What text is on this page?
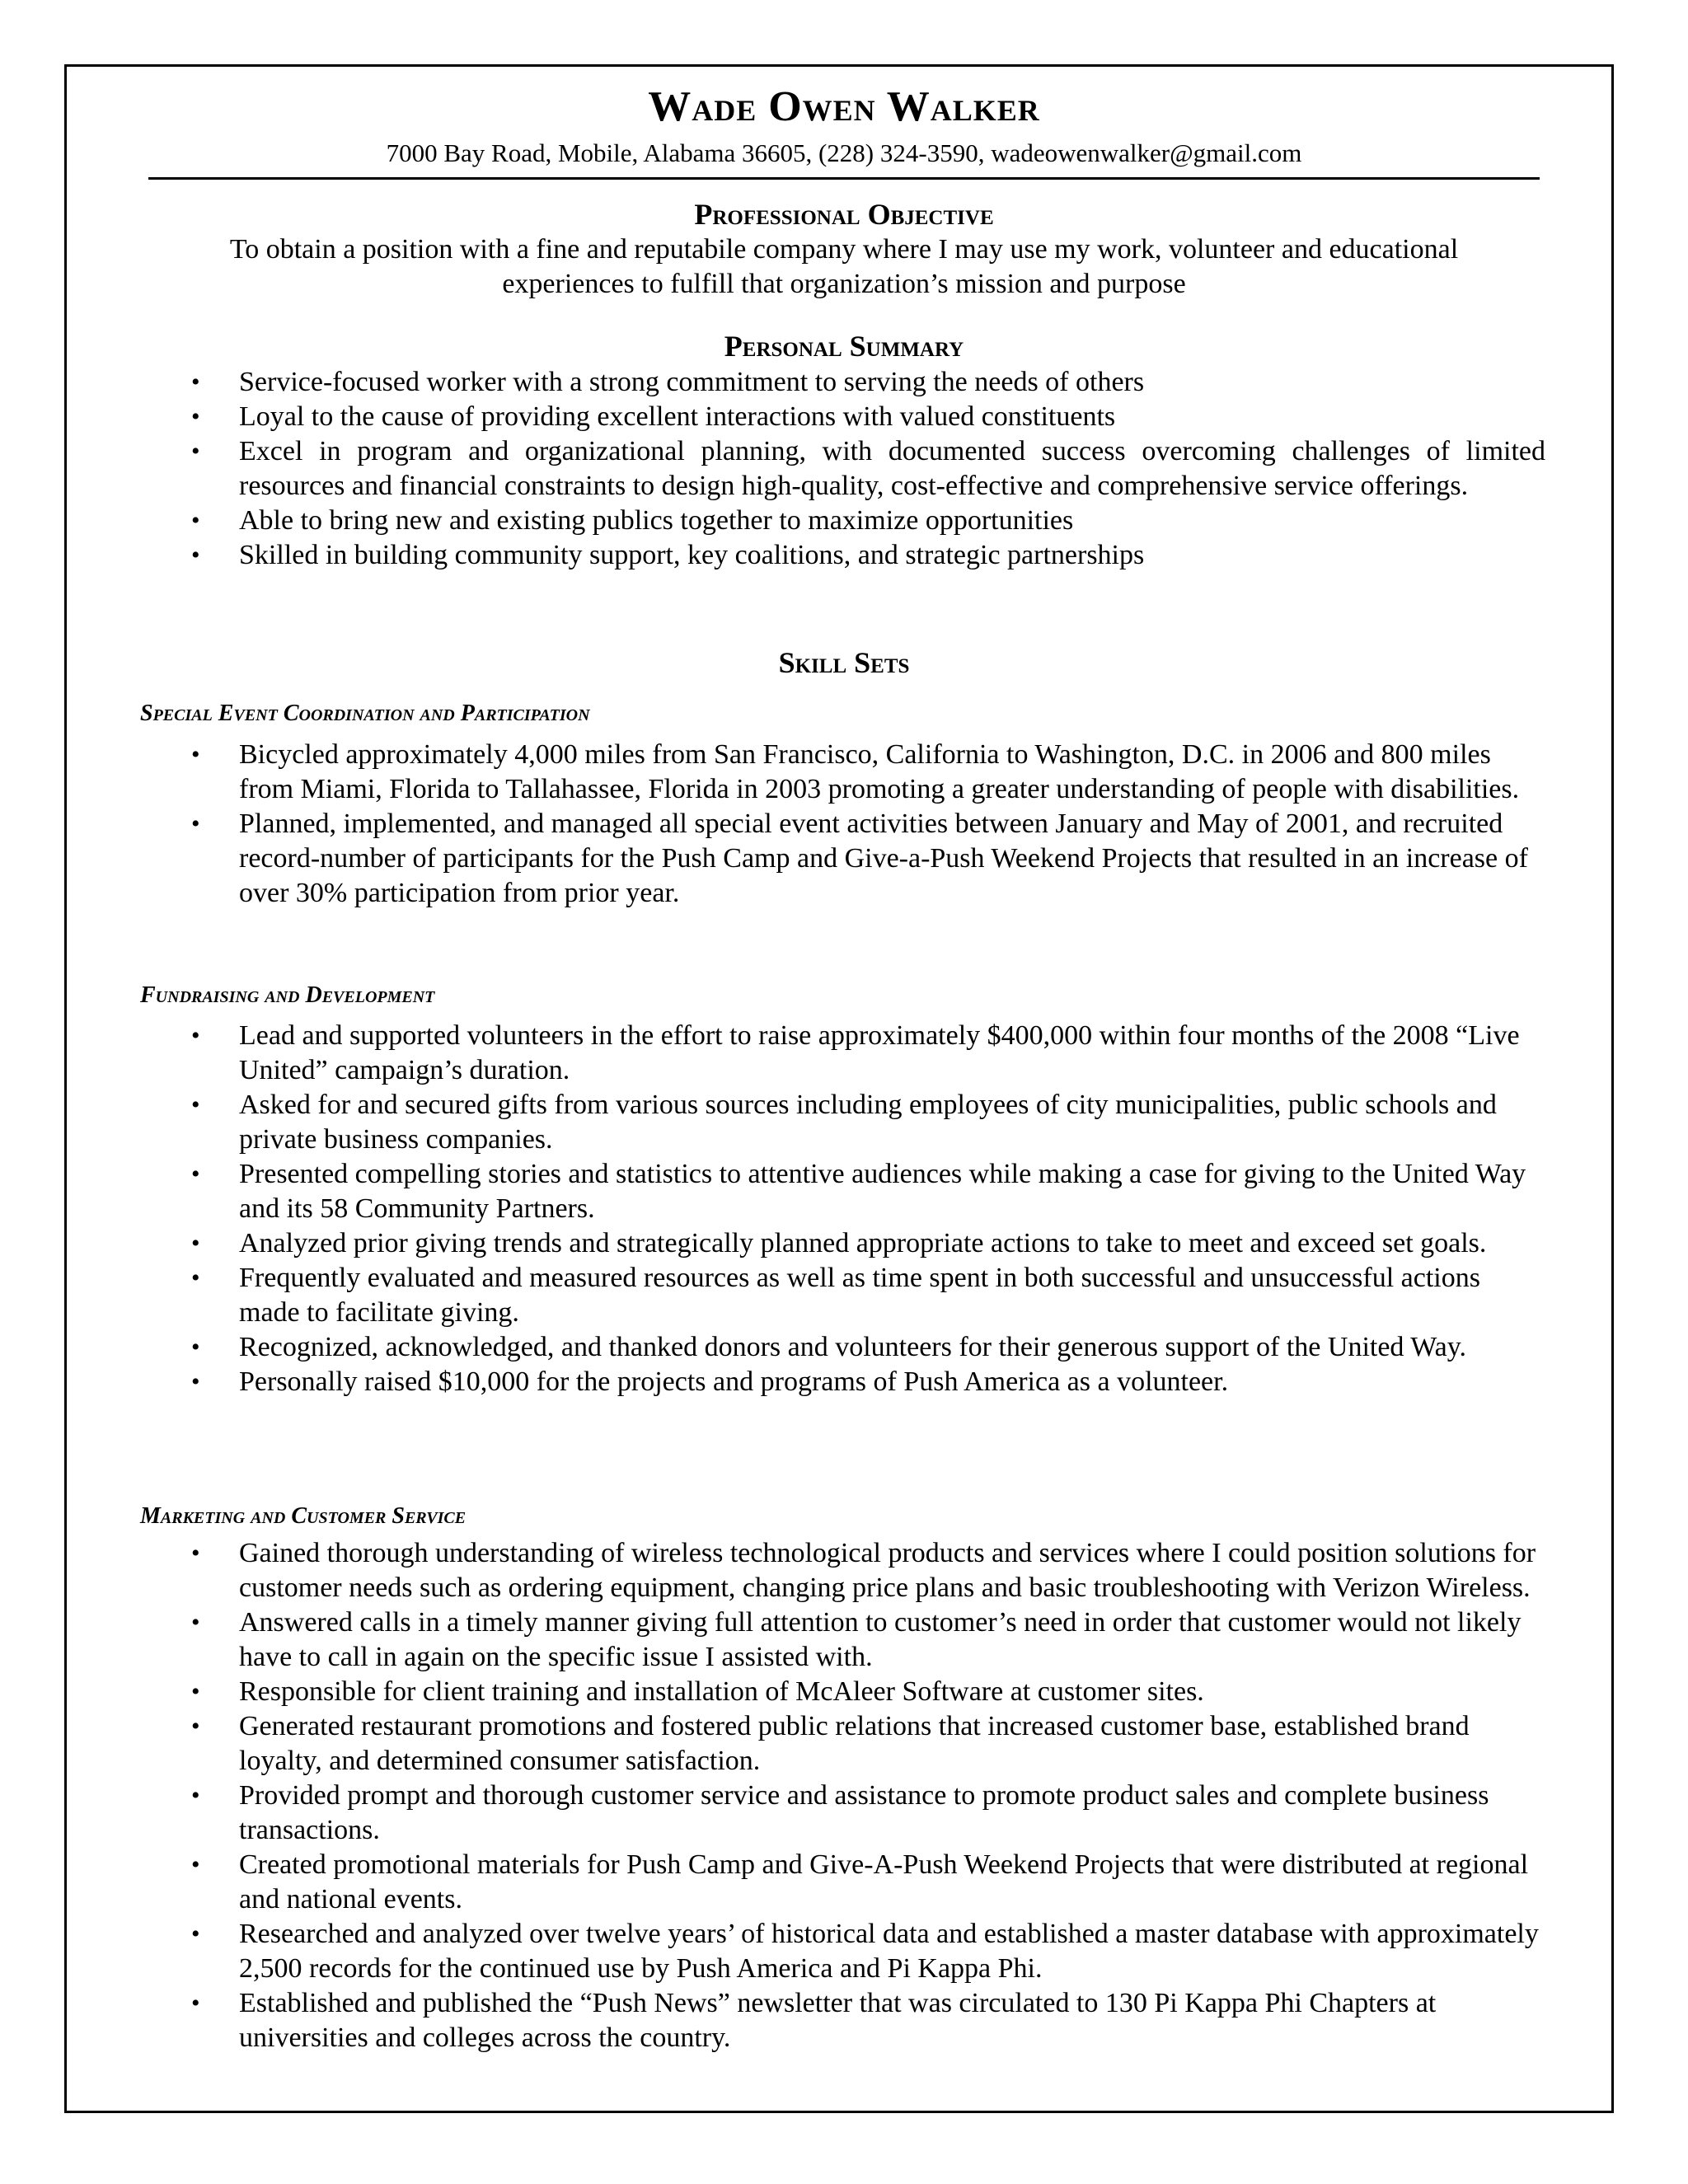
Wade Owen Walker
7000 Bay Road, Mobile, Alabama 36605, (228) 324-3590, wadeowenwalker@gmail.com
Professional Objective
To obtain a position with a fine and reputabile company where I may use my work, volunteer and educational
experiences to fulfill that organization’s mission and purpose
Personal Summary
• Service-focused worker with a strong commitment to serving the needs of others
• Loyal to the cause of providing excellent interactions with valued constituents
• Excel in program and organizational planning, with documented success overcoming challenges of limited resources and financial constraints to design high-quality, cost-effective and comprehensive service offerings.
• Able to bring new and existing publics together to maximize opportunities
• Skilled in building community support, key coalitions, and strategic partnerships
Skill Sets
Special Event Coordination and Participation
• Bicycled approximately 4,000 miles from San Francisco, California to Washington, D.C. in 2006 and 800 miles from Miami, Florida to Tallahassee, Florida in 2003 promoting a greater understanding of people with disabilities.
• Planned, implemented, and managed all special event activities between January and May of 2001, and recruited record-number of participants for the Push Camp and Give-a-Push Weekend Projects that resulted in an increase of over 30% participation from prior year.
Fundraising and Development
• Lead and supported volunteers in the effort to raise approximately $400,000 within four months of the 2008 “Live United” campaign’s duration.
• Asked for and secured gifts from various sources including employees of city municipalities, public schools and private business companies.
• Presented compelling stories and statistics to attentive audiences while making a case for giving to the United Way and its 58 Community Partners.
• Analyzed prior giving trends and strategically planned appropriate actions to take to meet and exceed set goals.
• Frequently evaluated and measured resources as well as time spent in both successful and unsuccessful actions made to facilitate giving.
• Recognized, acknowledged, and thanked donors and volunteers for their generous support of the United Way.
• Personally raised $10,000 for the projects and programs of Push America as a volunteer.
Marketing and Customer Service
• Gained thorough understanding of wireless technological products and services where I could position solutions for customer needs such as ordering equipment, changing price plans and basic troubleshooting with Verizon Wireless.
• Answered calls in a timely manner giving full attention to customer’s need in order that customer would not likely have to call in again on the specific issue I assisted with.
• Responsible for client training and installation of McAleer Software at customer sites.
• Generated restaurant promotions and fostered public relations that increased customer base, established brand loyalty, and determined consumer satisfaction.
• Provided prompt and thorough customer service and assistance to promote product sales and complete business transactions.
• Created promotional materials for Push Camp and Give-A-Push Weekend Projects that were distributed at regional and national events.
• Researched and analyzed over twelve years’ of historical data and established a master database with approximately 2,500 records for the continued use by Push America and Pi Kappa Phi.
• Established and published the “Push News” newsletter that was circulated to 130 Pi Kappa Phi Chapters at universities and colleges across the country.
